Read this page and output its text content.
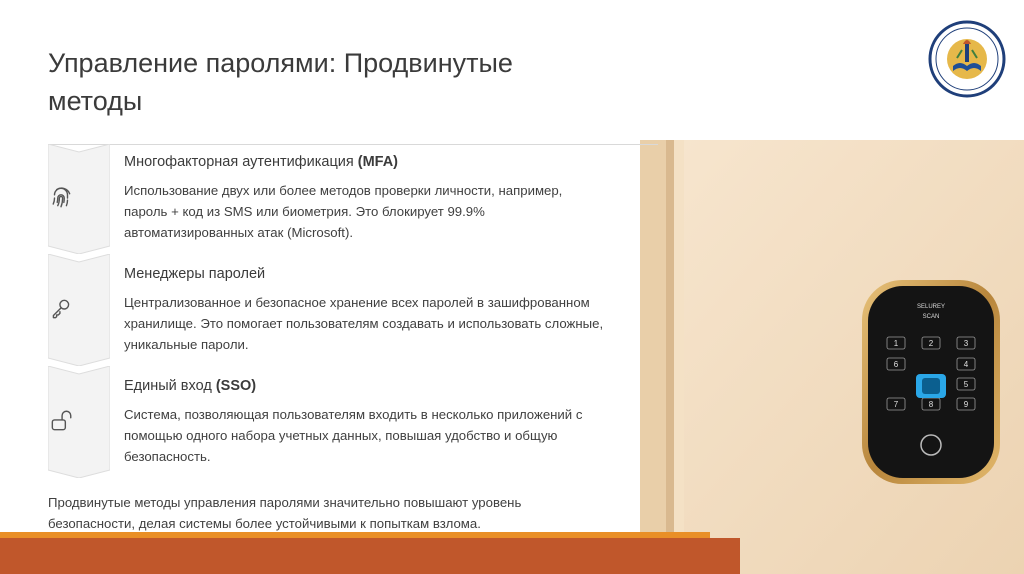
Управление паролями: Продвинутые
методы
SELUREY
SCAN
1	2	3
4
5
6
7	8	9
Многофакторная аутентификация (MFA)
Использование двух или более методов проверки личности, например, пароль + код из SMS или биометрия. Это блокирует 99.9% автоматизированных атак (Microsoft).
Менеджеры паролей
Централизованное и безопасное хранение всех паролей в зашифрованном хранилище. Это помогает пользователям создавать и использовать сложные, уникальные пароли.
Единый вход (SSO)
Система, позволяющая пользователям входить в несколько приложений с помощью одного набора учетных данных, повышая удобство и общую безопасность.
Продвинутые методы управления паролями значительно повышают уровень безопасности, делая системы более устойчивыми к попыткам взлома.
